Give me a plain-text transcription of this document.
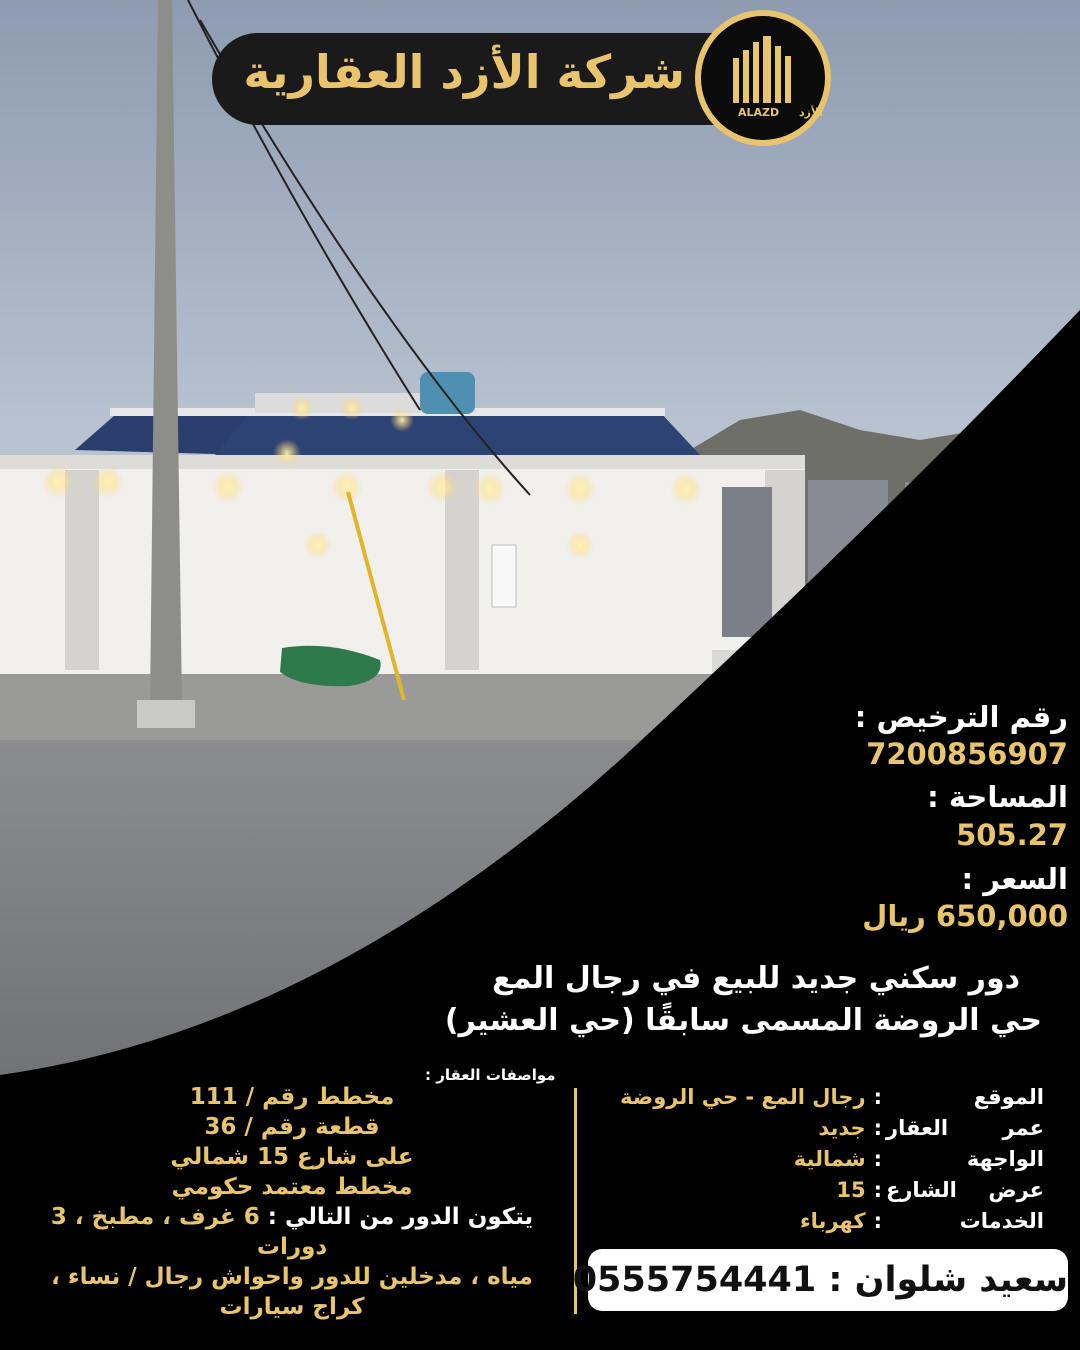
شركة الأزد العقارية
ALAZD الأزد
رقم الترخيص :
7200856907
المساحة :
505.27
السعر :
650,000 ريال
دور سكني جديد للبيع في رجال المع
حي الروضة المسمى سابقًا (حي العشير)
مواصفات العقار :
مخطط رقم / 111
قطعة رقم / 36
على شارع 15 شمالي
مخطط معتمد حكومي
يتكون الدور من التالي : 6 غرف ، مطبخ ، 3 دورات
مياه ، مدخلين للدور واحواش رجال / نساء ،
كراج سيارات
الموقع:رجال المع - حي الروضة
عمر العقار:جديد
الواجهة:شمالية
عرض الشارع:15
الخدمات:كهرباء
سعيد شلوان : 0555754441
